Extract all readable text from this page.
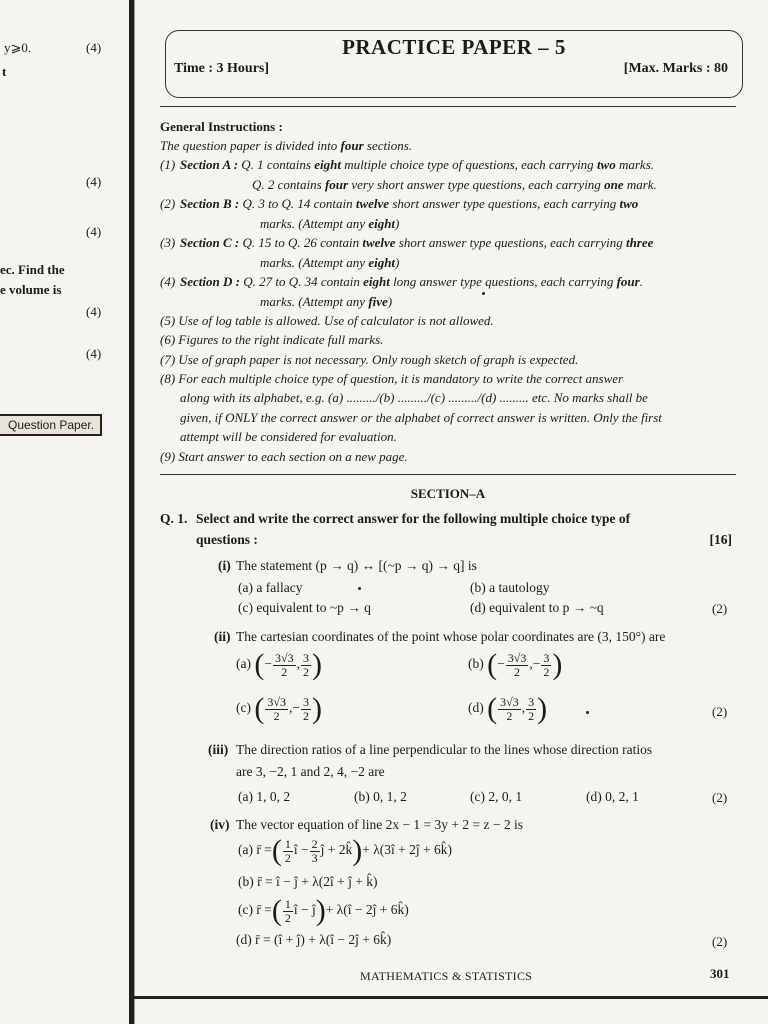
y⩾0.
t
(4)
(4)
(4)
ec. Find the
e volume is
(4)
(4)
Question Paper.
PRACTICE PAPER – 5
Time : 3 Hours]	[Max. Marks : 80
General Instructions :
The question paper is divided into four sections.
(1) Section A : Q. 1 contains eight multiple choice type of questions, each carrying two marks.
Q. 2 contains four very short answer type questions, each carrying one mark.
(2) Section B : Q. 3 to Q. 14 contain twelve short answer type questions, each carrying two
marks. (Attempt any eight)
(3) Section C : Q. 15 to Q. 26 contain twelve short answer type questions, each carrying three
marks. (Attempt any eight)
(4) Section D : Q. 27 to Q. 34 contain eight long answer type questions, each carrying four.
marks. (Attempt any five)
(5) Use of log table is allowed. Use of calculator is not allowed.
(6) Figures to the right indicate full marks.
(7) Use of graph paper is not necessary. Only rough sketch of graph is expected.
(8) For each multiple choice type of question, it is mandatory to write the correct answer
along with its alphabet, e.g. (a) ........./(b) ........./(c) ........./(d) ......... etc. No marks shall be
given, if ONLY the correct answer or the alphabet of correct answer is written. Only the first
attempt will be considered for evaluation.
(9) Start answer to each section on a new page.
SECTION–A
Q. 1. Select and write the correct answer for the following multiple choice type of
questions :	[16]
(i) The statement (p → q) ↔ [(~p → q) → q] is
(a) a fallacy	(b) a tautology
(c) equivalent to ~p → q	(d) equivalent to p → ~q	(2)
(ii) The cartesian coordinates of the point whose polar coordinates are (3, 150°) are
(a) (− $\frac{3√3}{2}$ , $\frac{3}{2}$ )	(b) (− $\frac{3√3}{2}$ ,− $\frac{3}{2}$ )
(c) ( $\frac{3√3}{2}$ ,− $\frac{3}{2}$ )	(d) ( $\frac{3√3}{2}$ , $\frac{3}{2}$ )	(2)
(iii) The direction ratios of a line perpendicular to the lines whose direction ratios
are 3, −2, 1 and 2, 4, −2 are
(a) 1, 0, 2	(b) 0, 1, 2	(c) 2, 0, 1	(d) 0, 2, 1	(2)
(iv) The vector equation of line 2x − 1 = 3y + 2 = z − 2 is
(a) r̄ =( $\frac{1}{2}$ î − $\frac{2}{3}$ ĵ + 2k̂)+ λ(3î + 2ĵ + 6k̂)
(b) r̄ = î − ĵ + λ(2î + ĵ + k̂)
(c) r̄ =( $\frac{1}{2}$ î − ĵ)+ λ(î − 2ĵ + 6k̂)
(d) r̄ = (î + ĵ) + λ(î − 2ĵ + 6k̂)	(2)
MATHEMATICS & STATISTICS	301
